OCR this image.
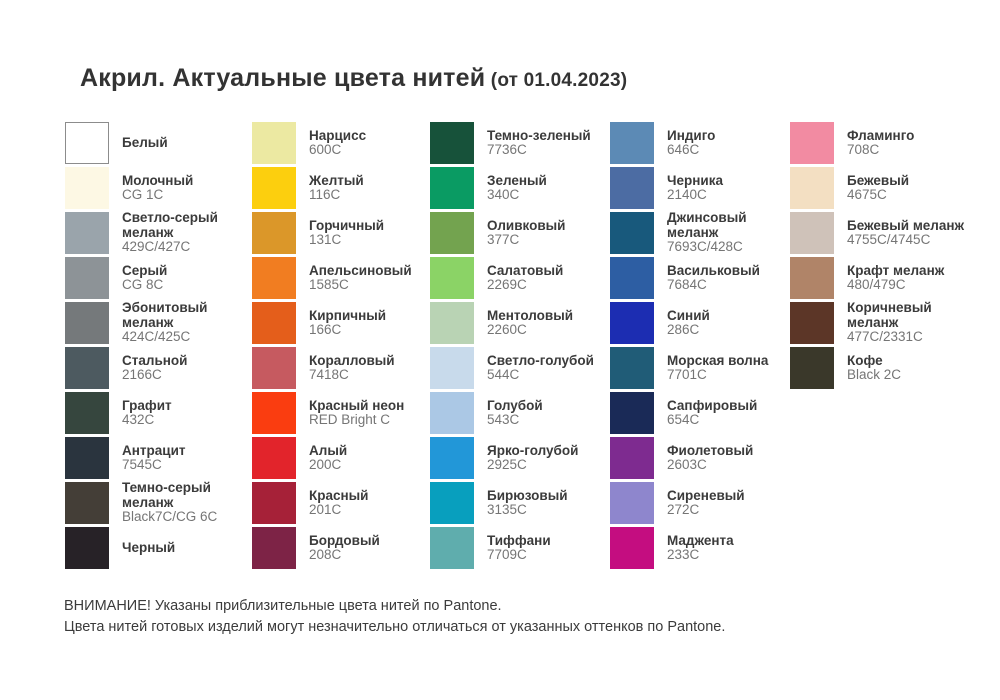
Акрил. Актуальные цвета нитей (от 01.04.2023)
Белый
Молочный
CG 1C
Светло-серый меланж
429C/427C
Серый
CG 8C
Эбонитовый меланж
424C/425C
Стальной
2166C
Графит
432C
Антрацит
7545C
Темно-серый меланж
Black7C/CG 6C
Черный
Нарцисс
600C
Желтый
116C
Горчичный
131C
Апельсиновый
1585C
Кирпичный
166C
Коралловый
7418C
Красный неон
RED Bright C
Алый
200C
Красный
201C
Бордовый
208C
Темно-зеленый
7736C
Зеленый
340C
Оливковый
377C
Салатовый
2269C
Ментоловый
2260C
Светло-голубой
544C
Голубой
543C
Ярко-голубой
2925C
Бирюзовый
3135C
Тиффани
7709C
Индиго
646C
Черника
2140C
Джинсовый меланж
7693C/428C
Васильковый
7684C
Синий
286C
Морская волна
7701C
Сапфировый
654C
Фиолетовый
2603C
Сиреневый
272C
Маджента
233C
Фламинго
708C
Бежевый
4675C
Бежевый меланж
4755C/4745C
Крафт меланж
480/479C
Коричневый меланж
477C/2331C
Кофе
Black 2C
ВНИМАНИЕ! Указаны приблизительные цвета нитей по Pantone.
Цвета нитей готовых изделий могут незначительно отличаться от указанных оттенков по Pantone.
